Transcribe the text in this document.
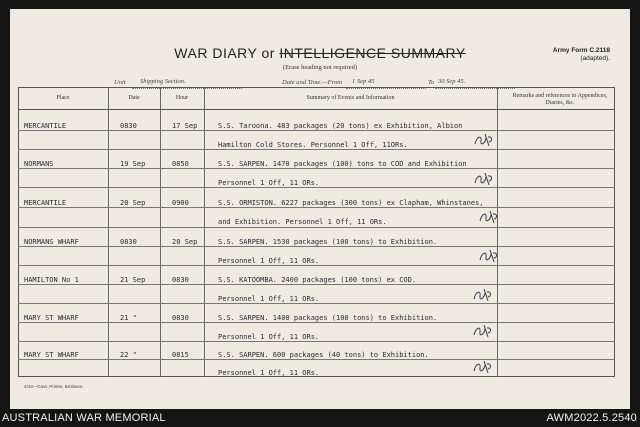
WAR DIARY or INTELLIGENCE SUMMARY
(Erase heading not required)
Army Form C.2118
(adapted).
Unit Shipping Section.	Date and Time.—From 1 Sep 45	To 30 Sep 45.
Place	Date	Hour	Summary of Events and Information	Remarks and references to Appendices, Diaries, &c.
MERCANTILE	0830	17 Sep	S.S. Taroona. 483 packages (20 tons) ex Exhibition, Albion
Hamilton Cold Stores. Personnel 1 Off, 11ORs.
NORMANS	19 Sep	0850	S.S. SARPEN. 1470 packages (100) tons to COD and Exhibition
Personnel 1 Off, 11 ORs.
MERCANTILE	20 Sep	0900	S.S. ORMISTON. 6227 packages (300 tons) ex Clapham, Whinstanes,
and Exhibition. Personnel 1 Off, 11 ORs.
NORMANS WHARF	0830	20 Sep	S.S. SARPEN. 1530 packages (100 tons) to Exhibition.
Personnel 1 Off, 11 ORs.
HAMILTON No 1	21 Sep	0830	S.S. KATOOMBA. 2400 packages (100 tons) ex COD.
Personnel 1 Off, 11 ORs.
MARY ST WHARF	21 "	0830	S.S. SARPEN. 1400 packages (100 tons) to Exhibition.
Personnel 1 Off, 11 ORs.
MARY ST WHARF	22 "	0815	S.S. SARPEN. 600 packages (40 tons) to Exhibition.
Personnel 1 Off, 11 ORs.
4/43—Govt. Printer, Brisbane.
AUSTRALIAN WAR MEMORIAL	AWM2022.5.2540
